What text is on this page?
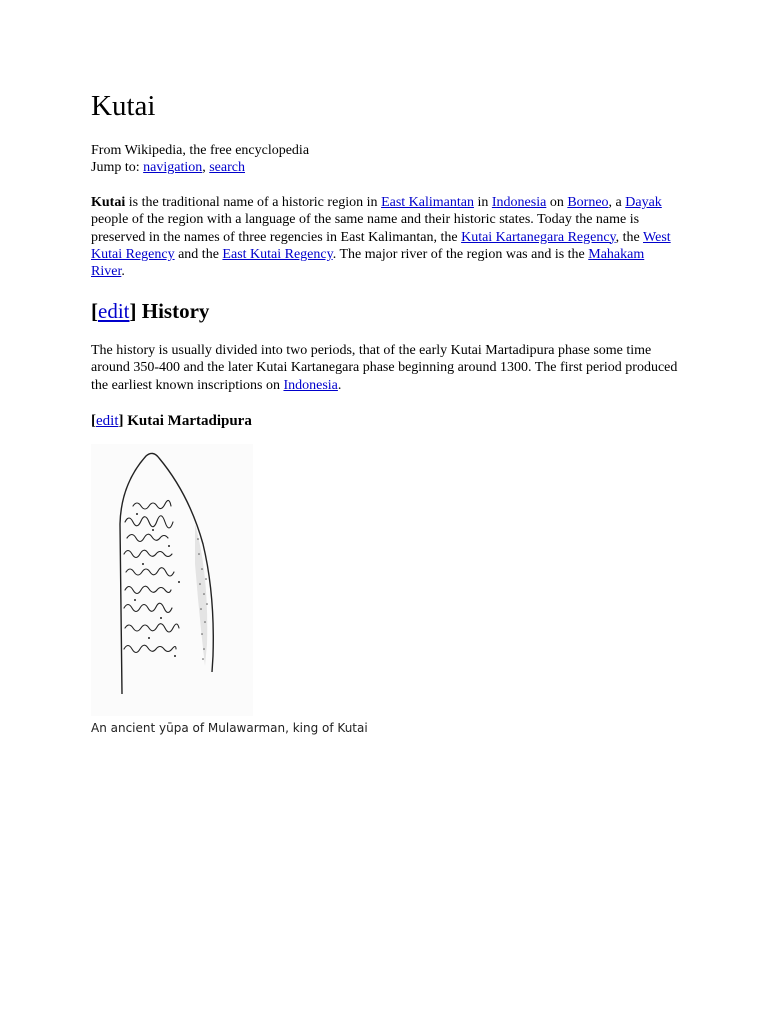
Kutai

From Wikipedia, the free encyclopedia

Jump to: navigation, search

Kutai is the traditional name of a historic region in East Kalimantan in Indonesia on Borneo, a Dayak people of the region with a language of the same name and their historic states. Today the name is preserved in the names of three regencies in East Kalimantan, the Kutai Kartanegara Regency, the West Kutai Regency and the East Kutai Regency. The major river of the region was and is the Mahakam River.

[edit] History

The history is usually divided into two periods, that of the early Kutai Martadipura phase some time around 350-400 and the later Kutai Kartanegara phase beginning around 1300. The first period produced the earliest known inscriptions on Indonesia.

[edit] Kutai Martadipura

An ancient yūpa of Mulawarman, king of Kutai
